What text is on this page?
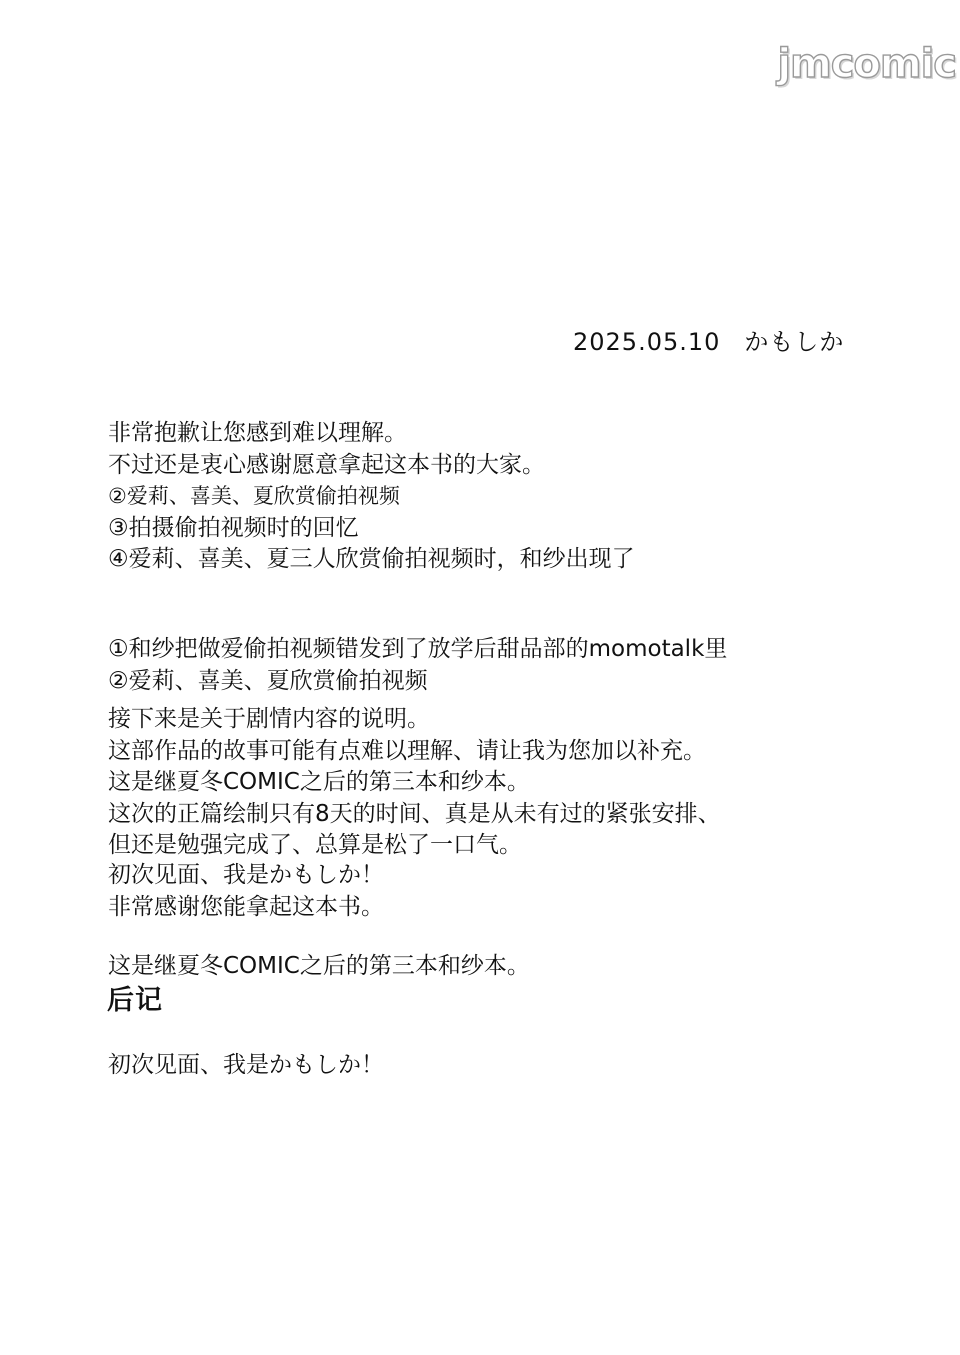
jmcomic
2025.05.10 かもしか
非常抱歉让您感到难以理解。
不过还是衷心感谢愿意拿起这本书的大家。
②爱莉、喜美、夏欣赏偷拍视频
③拍摄偷拍视频时的回忆
④爱莉、喜美、夏三人欣赏偷拍视频时，和纱出现了
①和纱把做爱偷拍视频错发到了放学后甜品部的momotalk里
②爱莉、喜美、夏欣赏偷拍视频
接下来是关于剧情内容的说明。
这部作品的故事可能有点难以理解、请让我为您加以补充。
这是继夏冬COMIC之后的第三本和纱本。
这次的正篇绘制只有8天的时间、真是从未有过的紧张安排、
但还是勉强完成了、总算是松了一口气。
初次见面、我是かもしか！
非常感谢您能拿起这本书。
这是继夏冬COMIC之后的第三本和纱本。
后记
初次见面、我是かもしか！
